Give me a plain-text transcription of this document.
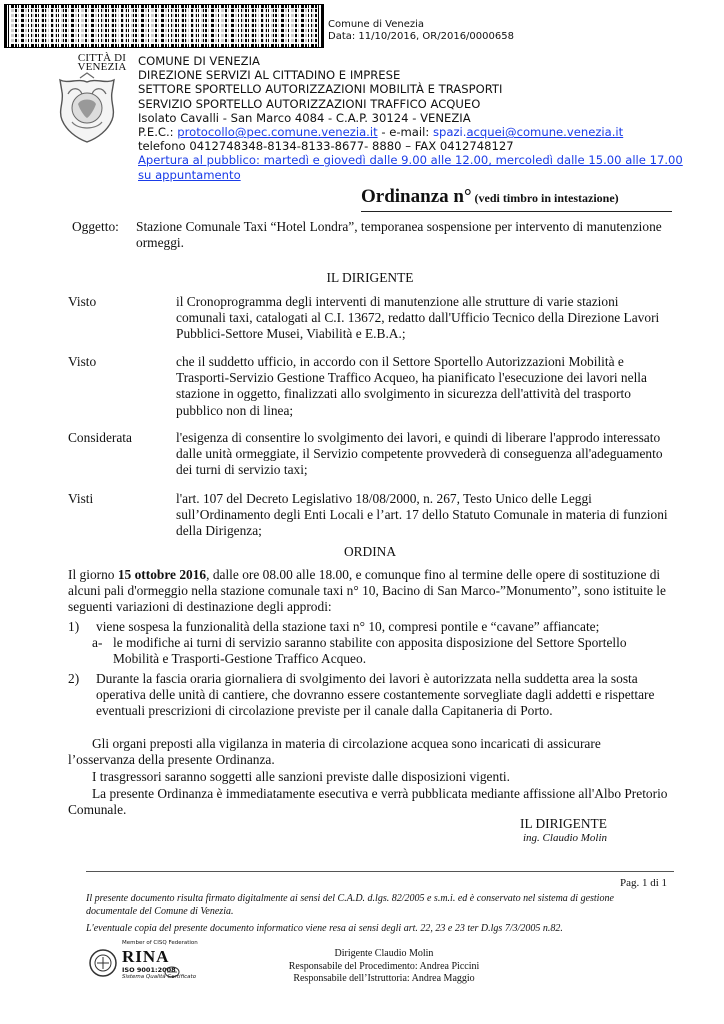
Comune di Venezia
Data: 11/10/2016, OR/2016/0000658
CITTÀ DI
VENEZIA COMUNE DI VENEZIA
DIREZIONE SERVIZI AL CITTADINO E IMPRESE
SETTORE SPORTELLO AUTORIZZAZIONI MOBILITÀ E TRASPORTI
SERVIZIO SPORTELLO AUTORIZZAZIONI TRAFFICO ACQUEO
Isolato Cavalli - San Marco 4084 - C.A.P. 30124 - VENEZIA
P.E.C.: protocollo@pec.comune.venezia.it - e-mail: spazi.acquei@comune.venezia.it
telefono 0412748348-8134-8133-8677- 8880 – FAX 0412748127
Apertura al pubblico: martedì e giovedì dalle 9.00 alle 12.00, mercoledì dalle 15.00 alle 17.00
su appuntamento
Ordinanza n° (vedi timbro in intestazione)
Oggetto: Stazione Comunale Taxi “Hotel Londra”, temporanea sospensione per intervento di manutenzione
ormeggi.
IL DIRIGENTE
Visto	il Cronoprogramma degli interventi di manutenzione alle strutture di varie stazioni
comunali taxi, catalogati al C.I. 13672, redatto dall'Ufficio Tecnico della Direzione Lavori
Pubblici-Settore Musei, Viabilità e E.B.A.;
Visto	che il suddetto ufficio, in accordo con il Settore Sportello Autorizzazioni Mobilità e
Trasporti-Servizio Gestione Traffico Acqueo, ha pianificato l'esecuzione dei lavori nella
stazione in oggetto, finalizzati allo svolgimento in sicurezza dell'attività del trasporto
pubblico non di linea;
Considerata	l'esigenza di consentire lo svolgimento dei lavori, e quindi di liberare l'approdo interessato
dalle unità ormeggiate, il Servizio competente provvederà di conseguenza all'adeguamento
dei turni di servizio taxi;
Visti	l'art. 107 del Decreto Legislativo 18/08/2000, n. 267, Testo Unico delle Leggi
sull’Ordinamento degli Enti Locali e l’art. 17 dello Statuto Comunale in materia di funzioni
della Dirigenza;
ORDINA
Il giorno 15 ottobre 2016, dalle ore 08.00 alle 18.00, e comunque fino al termine delle opere di sostituzione di
alcuni pali d'ormeggio nella stazione comunale taxi n° 10, Bacino di San Marco-”Monumento”, sono istituite le
seguenti variazioni di destinazione degli approdi:
1) viene sospesa la funzionalità della stazione taxi n° 10, compresi pontile e “cavane” affiancate;
a- le modifiche ai turni di servizio saranno stabilite con apposita disposizione del Settore Sportello
Mobilità e Trasporti-Gestione Traffico Acqueo.
2) Durante la fascia oraria giornaliera di svolgimento dei lavori è autorizzata nella suddetta area la sosta
operativa delle unità di cantiere, che dovranno essere costantemente sorvegliate dagli addetti e rispettare
eventuali prescrizioni di circolazione previste per il canale dalla Capitaneria di Porto.
Gli organi preposti alla vigilanza in materia di circolazione acquea sono incaricati di assicurare
l’osservanza della presente Ordinanza.
I trasgressori saranno soggetti alle sanzioni previste dalle disposizioni vigenti.
La presente Ordinanza è immediatamente esecutiva e verrà pubblicata mediante affissione all'Albo Pretorio
Comunale.
IL DIRIGENTE
ing. Claudio Molin
Pag. 1 di 1
Il presente documento risulta firmato digitalmente ai sensi del C.A.D. d.lgs. 82/2005 e s.m.i. ed è conservato nel sistema di gestione
documentale del Comune di Venezia.
L'eventuale copia del presente documento informatico viene resa ai sensi degli art. 22, 23 e 23 ter D.lgs 7/3/2005 n.82.
Member of CISQ Federation
RINA
ISO 9001:2008
Sistema Qualità Certificato
Dirigente Claudio Molin
Responsabile del Procedimento: Andrea Piccini
Responsabile dell’Istruttoria: Andrea Maggio
